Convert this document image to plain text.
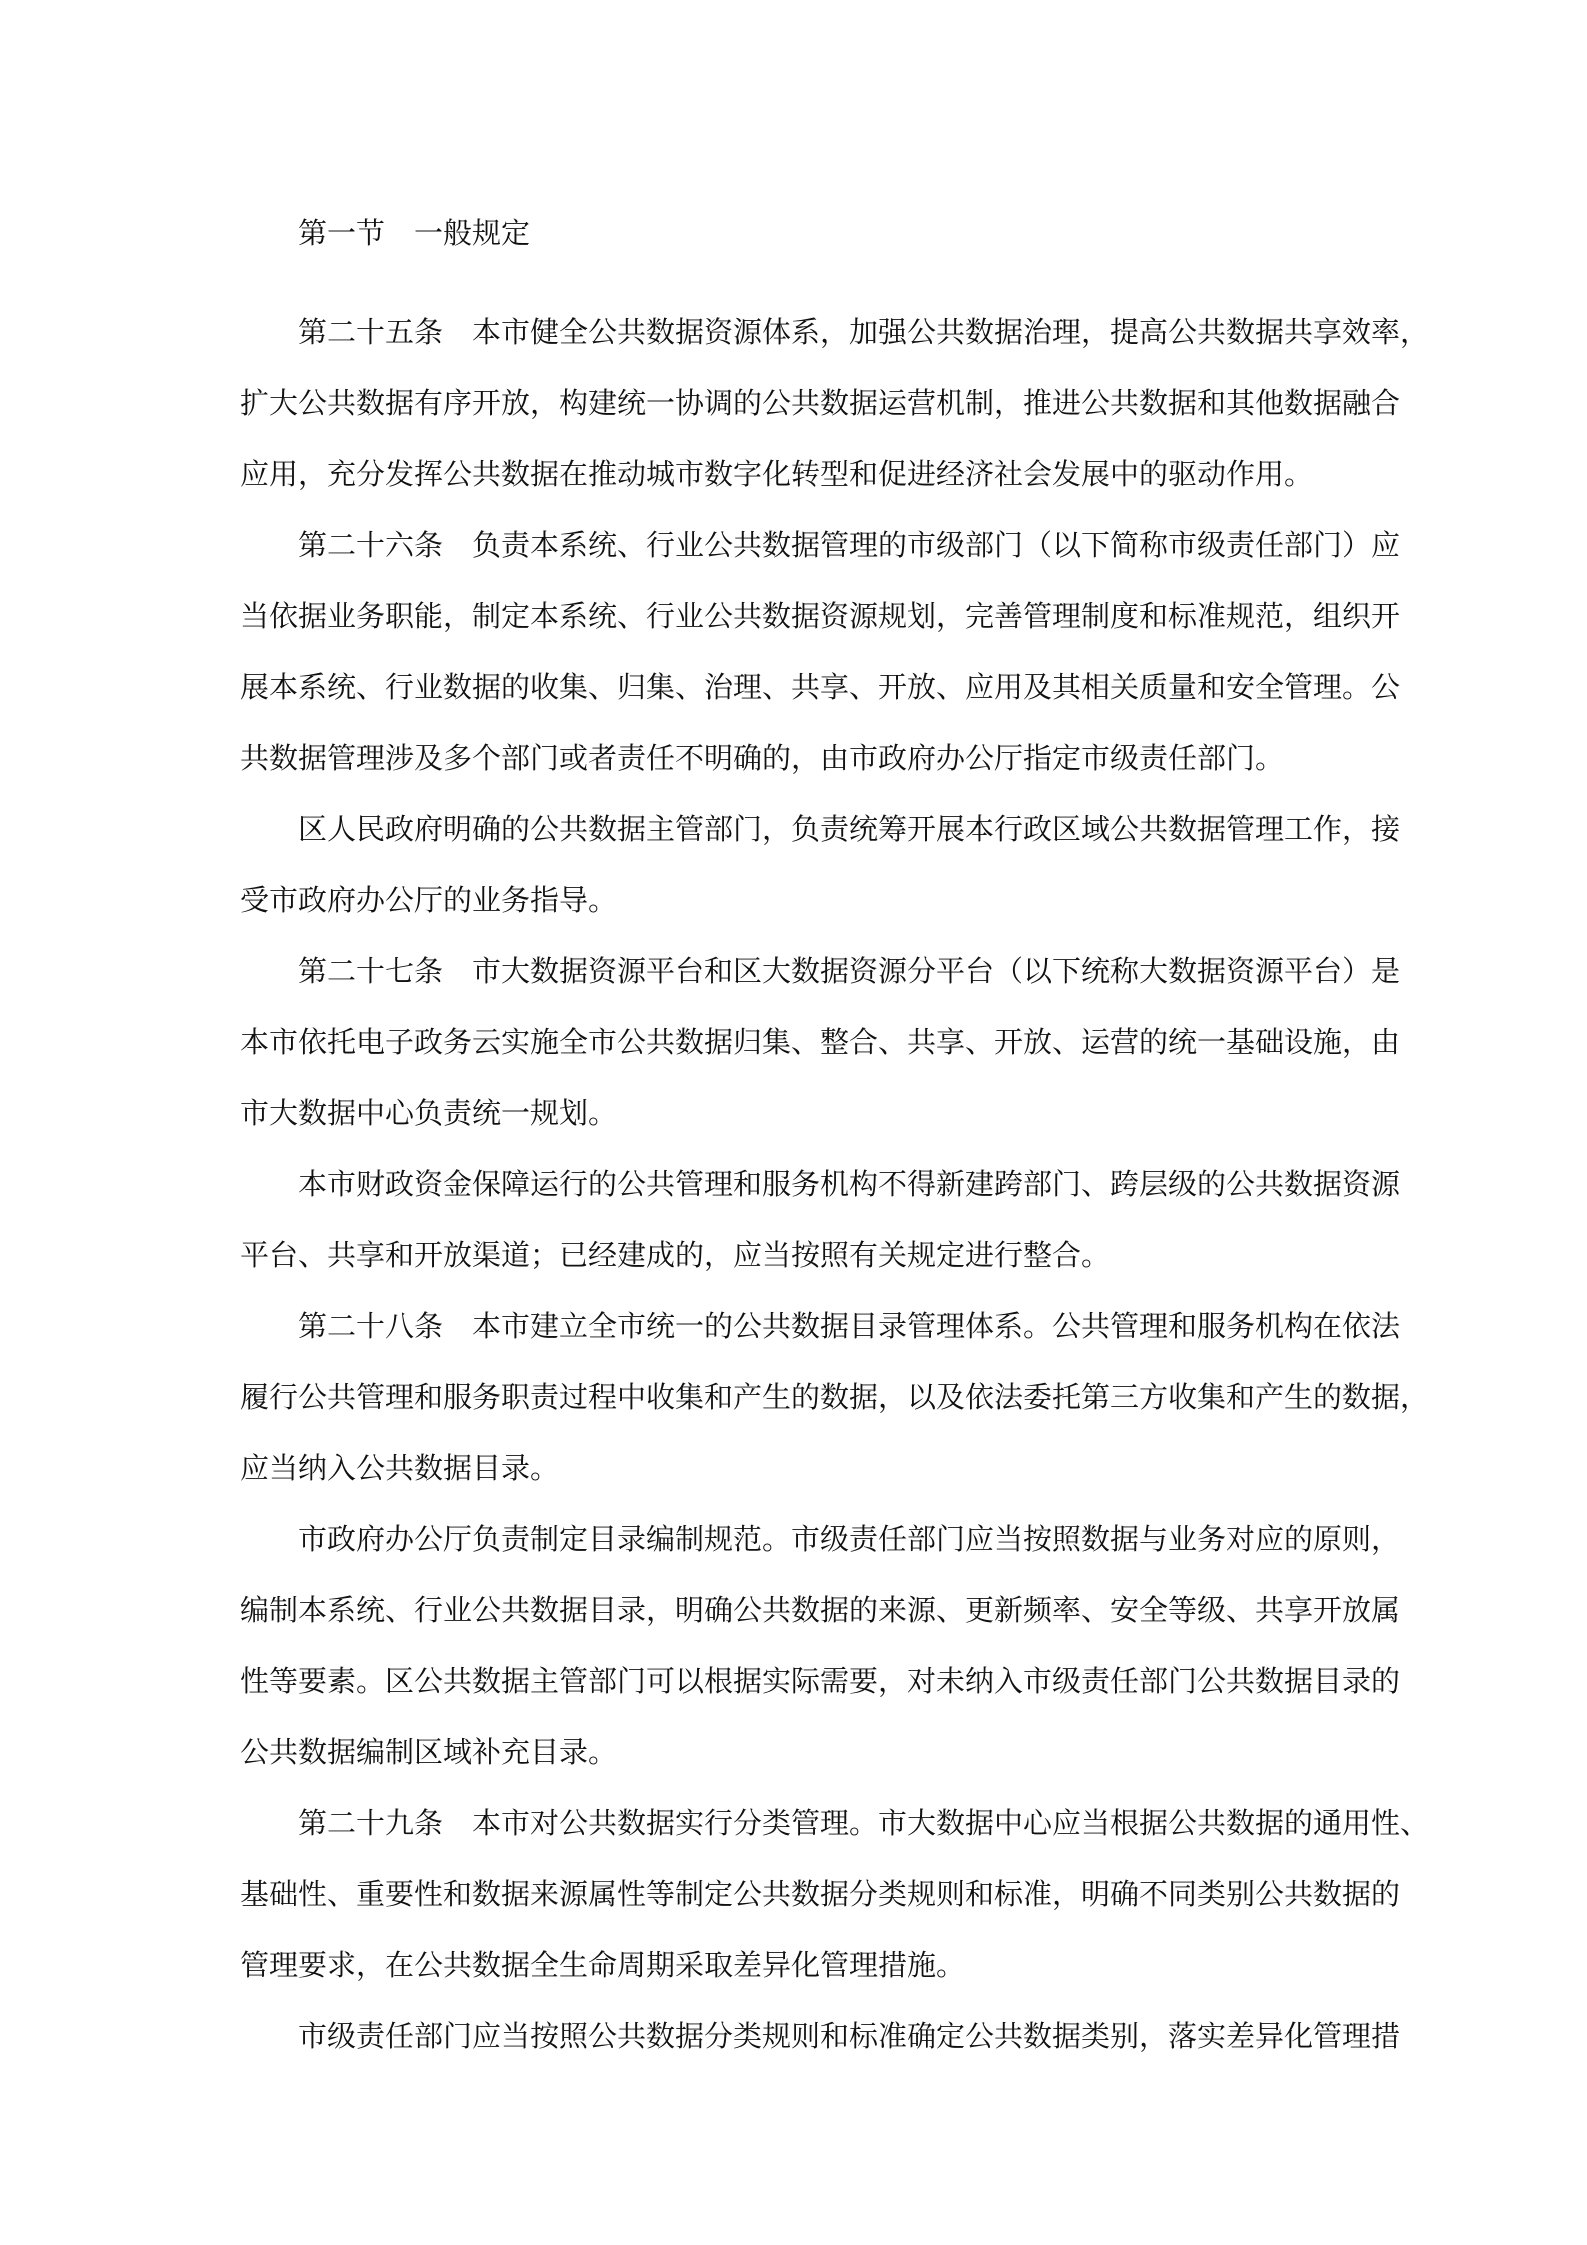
第一节　一般规定
第二十五条　本市健全公共数据资源体系，加强公共数据治理，提高公共数据共享效率，
扩大公共数据有序开放，构建统一协调的公共数据运营机制，推进公共数据和其他数据融合
应用，充分发挥公共数据在推动城市数字化转型和促进经济社会发展中的驱动作用。
第二十六条　负责本系统、行业公共数据管理的市级部门（以下简称市级责任部门）应
当依据业务职能，制定本系统、行业公共数据资源规划，完善管理制度和标准规范，组织开
展本系统、行业数据的收集、归集、治理、共享、开放、应用及其相关质量和安全管理。公
共数据管理涉及多个部门或者责任不明确的，由市政府办公厅指定市级责任部门。
区人民政府明确的公共数据主管部门，负责统筹开展本行政区域公共数据管理工作，接
受市政府办公厅的业务指导。
第二十七条　市大数据资源平台和区大数据资源分平台（以下统称大数据资源平台）是
本市依托电子政务云实施全市公共数据归集、整合、共享、开放、运营的统一基础设施，由
市大数据中心负责统一规划。
本市财政资金保障运行的公共管理和服务机构不得新建跨部门、跨层级的公共数据资源
平台、共享和开放渠道；已经建成的，应当按照有关规定进行整合。
第二十八条　本市建立全市统一的公共数据目录管理体系。公共管理和服务机构在依法
履行公共管理和服务职责过程中收集和产生的数据，以及依法委托第三方收集和产生的数据，
应当纳入公共数据目录。
市政府办公厅负责制定目录编制规范。市级责任部门应当按照数据与业务对应的原则，
编制本系统、行业公共数据目录，明确公共数据的来源、更新频率、安全等级、共享开放属
性等要素。区公共数据主管部门可以根据实际需要，对未纳入市级责任部门公共数据目录的
公共数据编制区域补充目录。
第二十九条　本市对公共数据实行分类管理。市大数据中心应当根据公共数据的通用性、
基础性、重要性和数据来源属性等制定公共数据分类规则和标准，明确不同类别公共数据的
管理要求，在公共数据全生命周期采取差异化管理措施。
市级责任部门应当按照公共数据分类规则和标准确定公共数据类别，落实差异化管理措
